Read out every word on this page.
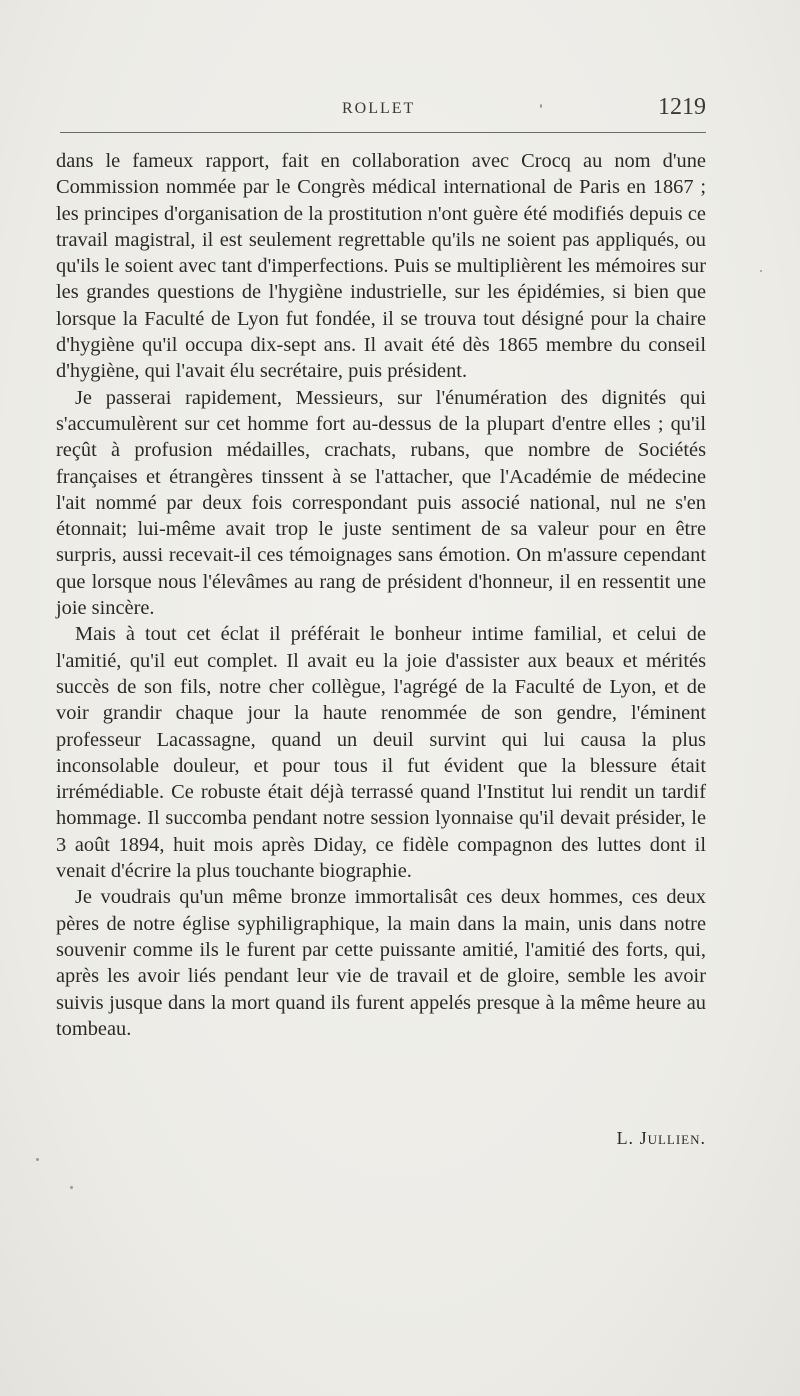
ROLLET	1219

dans le fameux rapport, fait en collaboration avec Crocq au nom d'une Commission nommée par le Congrès médical international de Paris en 1867 ; les principes d'organisation de la prostitution n'ont guère été modifiés depuis ce travail magistral, il est seulement regrettable qu'ils ne soient pas appliqués, ou qu'ils le soient avec tant d'imperfections. Puis se multiplièrent les mémoires sur les grandes questions de l'hygiène industrielle, sur les épidémies, si bien que lorsque la Faculté de Lyon fut fondée, il se trouva tout désigné pour la chaire d'hygiène qu'il occupa dix-sept ans. Il avait été dès 1865 membre du conseil d'hygiène, qui l'avait élu secrétaire, puis président.

Je passerai rapidement, Messieurs, sur l'énumération des dignités qui s'accumulèrent sur cet homme fort au-dessus de la plupart d'entre elles ; qu'il reçût à profusion médailles, crachats, rubans, que nombre de Sociétés françaises et étrangères tinssent à se l'attacher, que l'Académie de médecine l'ait nommé par deux fois correspondant puis associé national, nul ne s'en étonnait; lui-même avait trop le juste sentiment de sa valeur pour en être surpris, aussi recevait-il ces témoignages sans émotion. On m'assure cependant que lorsque nous l'élevâmes au rang de président d'honneur, il en ressentit une joie sincère.

Mais à tout cet éclat il préférait le bonheur intime familial, et celui de l'amitié, qu'il eut complet. Il avait eu la joie d'assister aux beaux et mérités succès de son fils, notre cher collègue, l'agrégé de la Faculté de Lyon, et de voir grandir chaque jour la haute renommée de son gendre, l'éminent professeur Lacassagne, quand un deuil survint qui lui causa la plus inconsolable douleur, et pour tous il fut évident que la blessure était irrémédiable. Ce robuste était déjà terrassé quand l'Institut lui rendit un tardif hommage. Il succomba pendant notre session lyonnaise qu'il devait présider, le 3 août 1894, huit mois après Diday, ce fidèle compagnon des luttes dont il venait d'écrire la plus touchante biographie.

Je voudrais qu'un même bronze immortalisât ces deux hommes, ces deux pères de notre église syphiligraphique, la main dans la main, unis dans notre souvenir comme ils le furent par cette puissante amitié, l'amitié des forts, qui, après les avoir liés pendant leur vie de travail et de gloire, semble les avoir suivis jusque dans la mort quand ils furent appelés presque à la même heure au tombeau.

L. Jullien.
